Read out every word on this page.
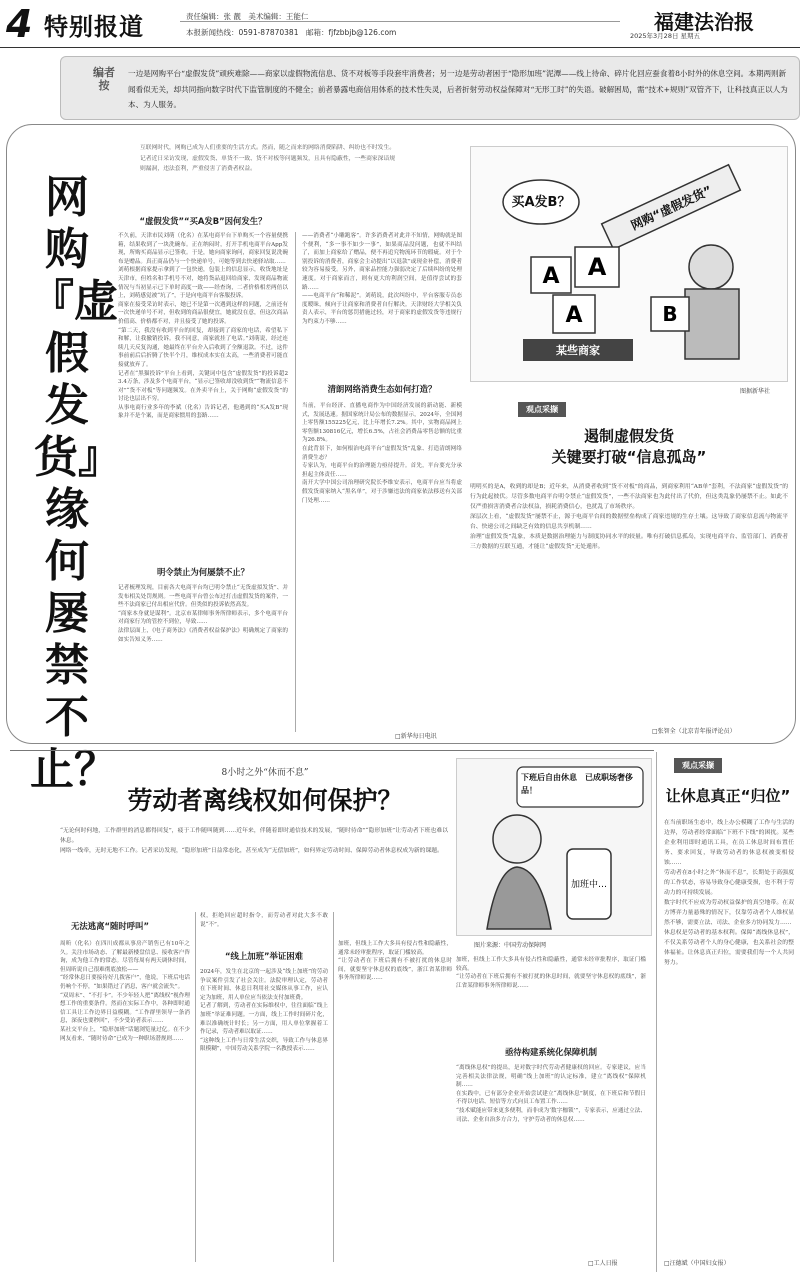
4 特别报道	责任编辑：张 靓　美术编辑：王能仁
本报新闻热线：0591-87870381　邮箱：fjfzbbjb@126.com	福建法治报
2025年3月28日 星期五
编者按
一边是网购平台“虚假发货”顽疾难除——商家以虚假物流信息、货不对板等手段套牢消费者；另一边是劳动者困于“隐形加班”泥潭——线上待命、碎片化回应蚕食着8小时外的休息空间。本期两则新闻看似无关，却共同指向数字时代下监管制度的不健全；前者暴露电商信用体系的技术性失灵，后者折射劳动权益保障对“无形工时”的失语。破解困局，需“技术+规则”双管齐下，让科技真正以人为本、为人服务。
互联网时代，网购已成为人们重要的生活方式。然而，随之而来的网络消费陷阱、纠纷也不时发生。记者近日采访发现，虚假发货、单货不一致、货不对板等问题频发，且具有隐蔽性，一些商家深谙规则漏洞，违法套利，严重侵害了消费者权益。
网购『虚假发货』缘何屡禁不止？
“虚假发货”“买A发B”因何发生？
不久前，天津市民刘萌（化名）在某电商平台下单购买一个容量便携箱，结果收到了一块洗碗布。正在纳闷时，打开手机电商平台App发现，所购买商品显示已签收。于是，她向商家询问，商家回复说洗碗布是赠品。真正商品仍与一个快递单号，可她等到去快递驿站取……
刘萌根据商家提示拿到了一包快递，包装上的信息显示，收货地址是天津市，但姓名和手机号不对，她将货品退回给商家，发现商品物流情况与当初显示已下单时高度一致——经查询，二者价格相差两倍以上，刘萌感觉被“坑了”，于是向电商平台客服投诉。
商家在接受采访时表示，她已不是第一次遇到这样的问题，之前还有一次快递单号不对，但收到的商品很便宜，她就没在意，但这次商品价值高、价格都不对，并且接受了她的投诉。
“第二天，我没有收到平台的回复，却接到了商家的电话，希望私下和解，让我撤销投诉。我不同意，商家就挂了电话。”刘萌说，经过连续几天反复沟通，她最终在平台介入后收到了全额退款。不过，这件事前前后后折腾了快半个月，维权成本实在太高，一些消费者可能直接就放弃了。
记者在“黑猫投诉”平台上看到，关键词中包含“虚假发货”的投诉超23.4万条，涉及多个电商平台，“显示已签收却没收到货”“物流信息不对”“货不对板”等问题频发。在外卖平台上，关于网购“虚假发货”的讨论也层出不穷。
从事电商行业多年的李斌（化名）告诉记者，他遇到的“买A发B”现象并不是个案，而是商家惯用的套路……
明令禁止为何屡禁不止？
记者梳理发现，目前各大电商平台均已明令禁止“无货虚拟发货”、并发布相关处罚规则。一些电商平台曾公布过打击虚假发货的案件，一些不法商家已付出相应代价。但类似的投诉依然高发。
“商家本身就是谋利”。北京市某律师事务所律师表示，多个电商平台对商家行为的管控不到位，导致……
法律层面上，《电子商务法》《消费者权益保护法》明确规定了商家的如实告知义务……
——消费者“小雕跑客”。许多消费者对此并不知情，网购就是图个便利，“多一事不如少一事”，如果商品没问题，也就不纠结了，而加上商家给了赠品，便不再追究物流环节的瑕疵。对于个别投诉的消费者，商家会主动提出“以退款”或现金补偿，消费者较为容易接受。另外，商家品控能力强弱决定了后续纠纷的处理速度。对于商家而言，则有更大的利润空间，是值得尝试的套路……
——电商平台“和稀泥”。刘萌说，此次纠纷中，平台客服专员态度暧昧，倾向于让商家和消费者自行解决。天津财经大学相关负责人表示，平台的惩罚措施过轻，对于商家的虚假发货等违规行为约束力不够……
清朗网络消费生态如何打造？
当前，平台经济、直播电商作为中国经济发展的新动能、新模式，发展迅速。据国家统计局公布的数据显示，2024年，全国网上零售额155225亿元，比上年增长7.2%。其中，实物商品网上零售额130816亿元，增长6.5%，占社会消费品零售总额的比重为26.8%。
在此背景下，如何根治电商平台“虚假发货”乱象、打造清朗网络消费生态？
专家认为，电商平台的治理能力亟待提升。首先，平台要充分承担起主体责任……
南开大学中国公司治理研究院长李维安表示，电商平台应当将虚假发货商家纳入“黑名单”，对于涉嫌违法的商家依法移送有关部门处理……
□新华每日电讯
买A发B？	网购“虚假发货”
A A
A
某些商家
B
图据新华社
观点采撷
遏制虚假发货
关键要打破“信息孤岛”
明明买的是A，收到的却是B；近年来，从消费者收到“货不对板”的商品，到商家利用“AB单”套利，不法商家“虚假发货”的行为此起彼伏。尽管多数电商平台明令禁止“虚假发货”，一些不法商家也为此付出了代价，但这类乱象仍屡禁不止。如此不仅严重损害消费者合法权益，损耗消费信心，也扰乱了市场秩序。
深层次上看，“虚假发货”屡禁不止，源于电商平台间的数据壁垒构成了商家违规的生存土壤。这导致了商家信息流与物流平台、快递公司之间缺乏有效的信息共享机制……
治理“虚假发货”乱象，本质是数据治理能力与制度协同水平的较量。唯有打破信息孤岛，实现电商平台、监管部门、消费者三方数据的互联互通，才能让“虚假发货”无处遁形。
□张智全（北京青年报评论员）
8小时之外“休而不息”
劳动者离线权如何保护？
“无论何时何地，工作群里的消息都得回复”，疲于工作随叫随到……近年来，伴随着即时通信技术的发展，“随时待命”“隐形加班”让劳动者下班也难以休息。
网络一线牵，无时无地不工作。记者采访发现，“隐形加班”日益常态化，甚至成为“无偿加班”，如何界定劳动时间、保障劳动者休息权成为新的课题。
下班后自由休息　已成职场奢侈品！
加班中…
图片来源：中国劳动保障网
无法逃离“随时呼叫”
周昕（化名）在四川成都从事房产销售已有10年之久。关注市场动态、了解最新楼盘信息、接收客户咨询，成为他工作的常态。尽管每周有两天调休时间，但周昕说自己很难彻底放松——
“经常休息日要接待好几拨客户”，他说，下班后电话仍响个不停，“如果错过了消息，客户就会流失”。
“双周末”、“不打卡”。不少年轻人把“离线权”视作理想工作的重要条件。然而在实际工作中，各种即时通信工具让工作边界日益模糊。“工作群里领导一条消息，深夜也要秒回”，不少受访者表示……
某社交平台上，“隐形加班”话题浏览量过亿。在不少网友看来，“随时待命”已成为一种职场潜规则……
权，拒绝回应超时指令，而劳动者对此大多不敢说“不”。
“线上加班”举证困难
2024年，发生在北京的一起涉及“线上加班”的劳动争议案件引发了社会关注。法院审理认定，劳动者在下班时间、休息日利用社交媒体从事工作，应认定为加班，用人单位应当依法支付加班费。
记者了解到，劳动者在实际维权中，往往面临“线上加班”举证难问题。一方面，线上工作时间碎片化，难以准确统计时长；另一方面，用人单位掌握着工作记录，劳动者难以取证……
“这种线上工作与日常生活交织，导致工作与休息界限模糊”，中国劳动关系学院一名教授表示……
加班，但线上工作大多具有侵占性和隐蔽性，通常未经审批程序，取证门槛较高。
“让劳动者在下班后拥有不被打扰的休息时间，就要坚守休息权的底线”，浙江省某律师事务所律师说……
加班，但线上工作大多具有侵占性和隐蔽性，通常未经审批程序，取证门槛较高。
“让劳动者在下班后拥有不被打扰的休息时间，就要坚守休息权的底线”，浙江省某律师事务所律师说……
亟待构建系统化保障机制
“离线休息权”的提出，是对数字时代劳动者健康权的回应。专家建议，应当完善相关法律法规，明确“线上加班”的认定标准，建立“离线权”保障机制……
在实践中，已有部分企业开始尝试建立“离线休息”制度，在下班后和节假日不得以电话、短信等方式向员工布置工作……
“技术赋能应带来更多便利，而非成为‘数字枷锁’”，专家表示，应通过立法、司法、企业自治多方合力，守护劳动者的休息权……
□工人日报
观点采撷
让休息真正“归位”
在当前职场生态中，线上办公模糊了工作与生活的边界，劳动者经常面临“下班不下线”的困扰。某些企业利用即时通讯工具，在员工休息时间布置任务、要求回复，导致劳动者的休息权被变相侵蚀……
劳动者在8小时之外“休而不息”，长期处于高强度的工作状态，容易导致身心健康受损，也不利于劳动力的可持续发展。
数字时代不应成为劳动权益保护的真空地带。在双方博弈力量悬殊的情况下，仅靠劳动者个人维权显然不够，需要立法、司法、企业多方协同发力……
休息权是劳动者的基本权利。保障“离线休息权”，不仅关系劳动者个人的身心健康，也关系社会的整体福祉。让休息真正归位，需要我们每一个人共同努力。
□汪德斌（中国妇女报）
